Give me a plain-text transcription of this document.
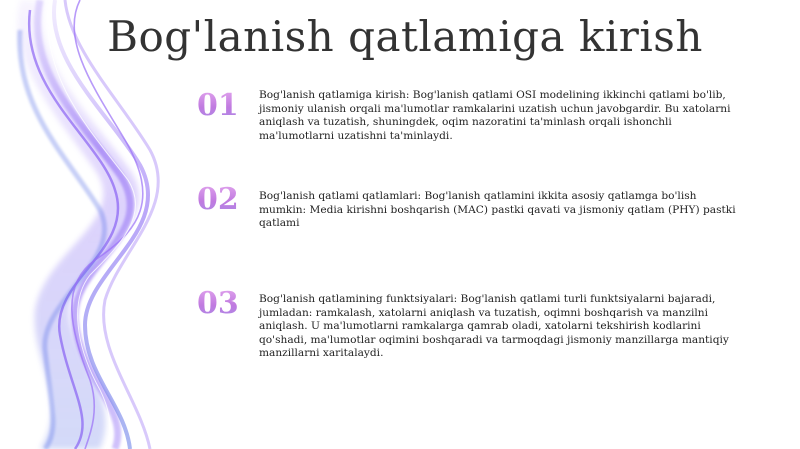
Bog'lanish qatlamiga kirish
01	Bog'lanish qatlamiga kirish: Bog'lanish qatlami OSI modelining ikkinchi qatlami bo'lib, jismoniy ulanish orqali ma'lumotlar ramkalarini uzatish uchun javobgardir. Bu xatolarni aniqlash va tuzatish, shuningdek, oqim nazoratini ta'minlash orqali ishonchli ma'lumotlarni uzatishni ta'minlaydi.

02	Bog'lanish qatlami qatlamlari: Bog'lanish qatlamini ikkita asosiy qatlamga bo'lish mumkin: Media kirishni boshqarish (MAC) pastki qavati va jismoniy qatlam (PHY) pastki qatlami

03	Bog'lanish qatlamining funktsiyalari: Bog'lanish qatlami turli funktsiyalarni bajaradi, jumladan: ramkalash, xatolarni aniqlash va tuzatish, oqimni boshqarish va manzilni aniqlash. U ma'lumotlarni ramkalarga qamrab oladi, xatolarni tekshirish kodlarini qo'shadi, ma'lumotlar oqimini boshqaradi va tarmoqdagi jismoniy manzillarga mantiqiy manzillarni xaritalaydi.
